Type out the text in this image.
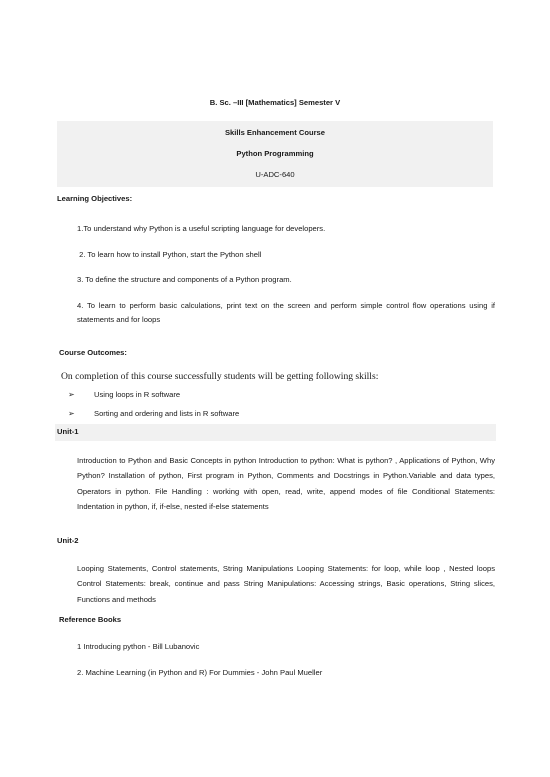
B. Sc. –III [Mathematics] Semester V
Skills Enhancement Course
Python Programming
U-ADC-640
Learning Objectives:
1.To understand why Python is a useful scripting language for developers.
2. To learn how to install Python, start the Python shell
3. To define the structure and components of a Python program.
4. To learn to perform basic calculations, print text on the screen and perform simple control flow operations using if statements and for loops
Course Outcomes:
On completion of this course successfully students will be getting following skills:
➢	Using loops in R software
➢	Sorting and ordering and lists in R software
Unit-1
Introduction to Python and Basic Concepts in python Introduction to python: What is python? , Applications of Python, Why Python? Installation of python, First program in Python, Comments and Docstrings in Python.Variable and data types, Operators in python. File Handling : working with open, read, write, append modes of file Conditional Statements: Indentation in python, if, if-else, nested if-else statements
Unit-2
Looping Statements, Control statements, String Manipulations Looping Statements: for loop, while loop , Nested loops Control Statements: break, continue and pass String Manipulations: Accessing strings, Basic operations, String slices, Functions and methods
Reference Books
1 Introducing python - Bill Lubanovic
2. Machine Learning (in Python and R) For Dummies - John Paul Mueller
